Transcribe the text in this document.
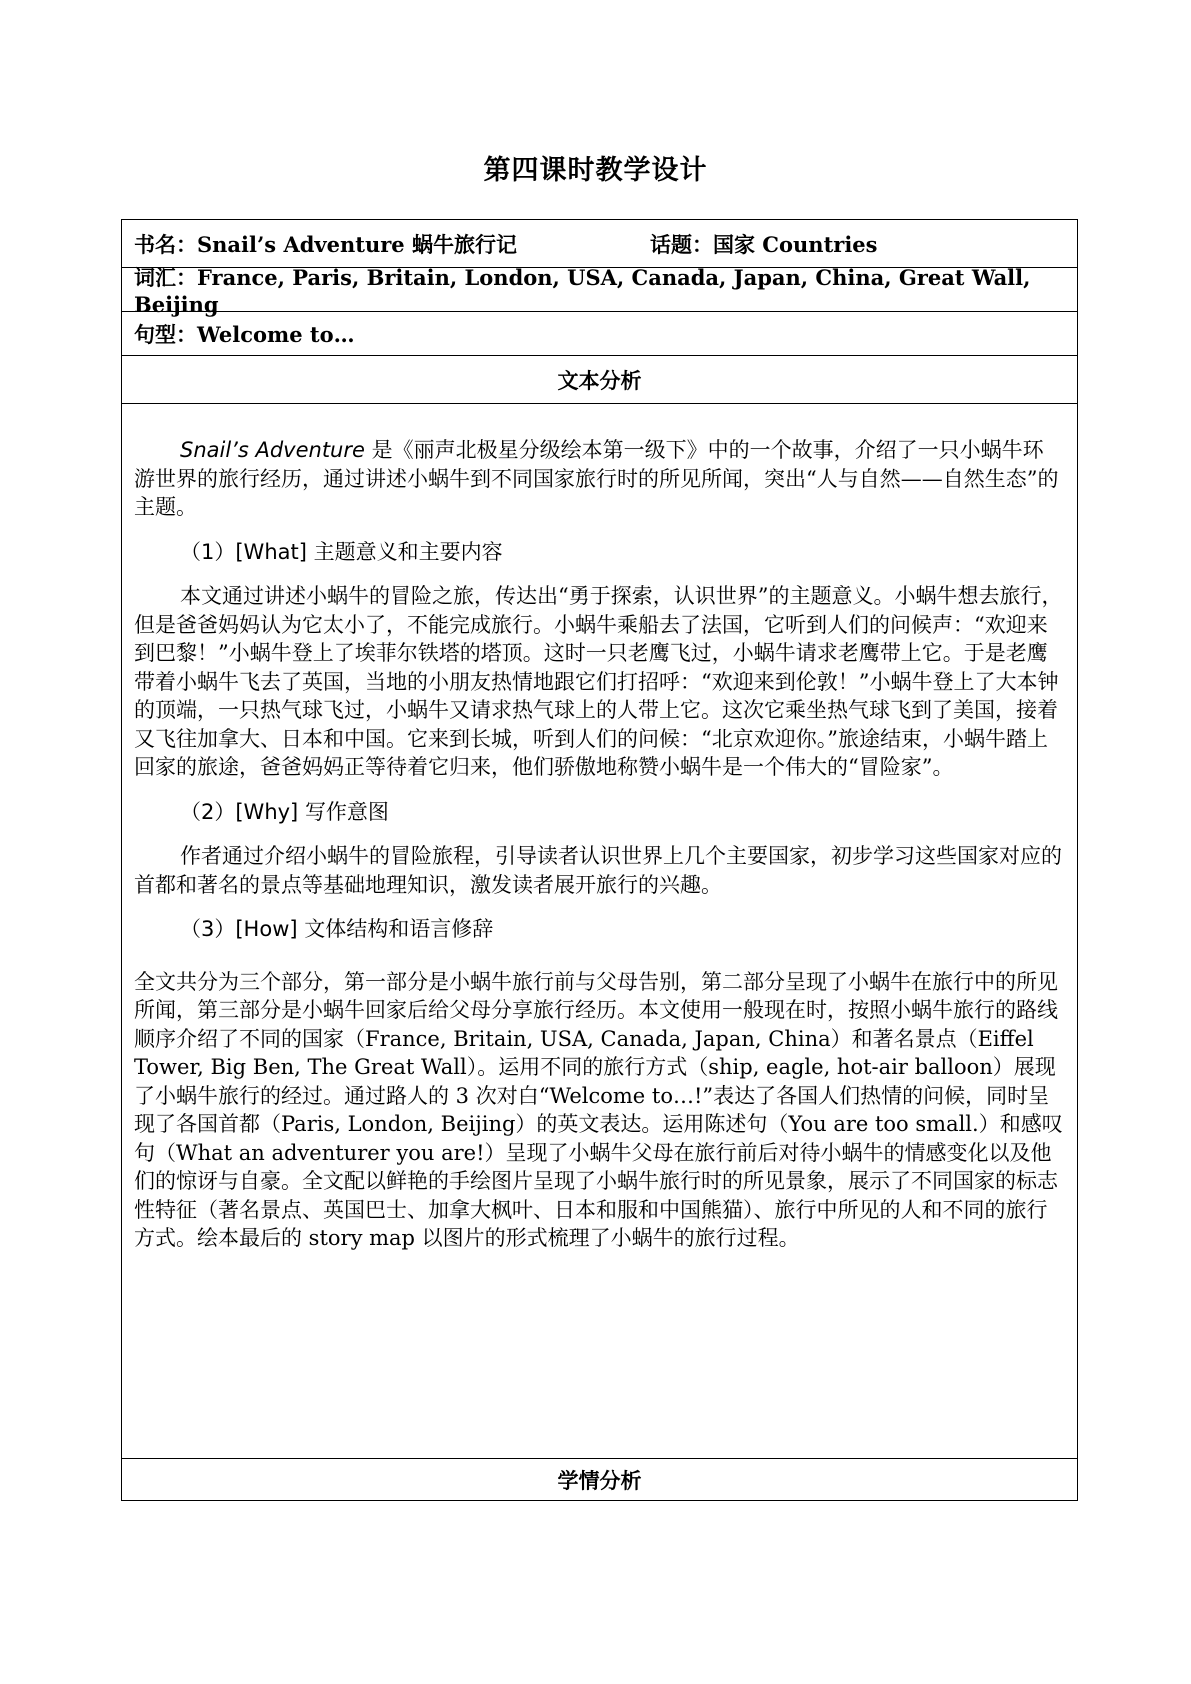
第四课时教学设计
书名：Snail’s Adventure 蜗牛旅行记	话题：国家 Countries
词汇：France, Paris, Britain, London, USA, Canada, Japan, China, Great Wall, Beijing
句型：Welcome to…
文本分析

Snail’s Adventure 是《丽声北极星分级绘本第一级下》中的一个故事，介绍了一只小蜗牛环游世界的旅行经历，通过讲述小蜗牛到不同国家旅行时的所见所闻，突出“人与自然——自然生态”的主题。

（1）[What] 主题意义和主要内容

本文通过讲述小蜗牛的冒险之旅，传达出“勇于探索，认识世界”的主题意义。小蜗牛想去旅行，但是爸爸妈妈认为它太小了，不能完成旅行。小蜗牛乘船去了法国，它听到人们的问候声：“欢迎来到巴黎！”小蜗牛登上了埃菲尔铁塔的塔顶。这时一只老鹰飞过，小蜗牛请求老鹰带上它。于是老鹰带着小蜗牛飞去了英国，当地的小朋友热情地跟它们打招呼：“欢迎来到伦敦！”小蜗牛登上了大本钟的顶端，一只热气球飞过，小蜗牛又请求热气球上的人带上它。这次它乘坐热气球飞到了美国，接着又飞往加拿大、日本和中国。它来到长城，听到人们的问候：“北京欢迎你。”旅途结束，小蜗牛踏上回家的旅途，爸爸妈妈正等待着它归来，他们骄傲地称赞小蜗牛是一个伟大的“冒险家”。

（2）[Why] 写作意图

作者通过介绍小蜗牛的冒险旅程，引导读者认识世界上几个主要国家，初步学习这些国家对应的首都和著名的景点等基础地理知识，激发读者展开旅行的兴趣。

（3）[How] 文体结构和语言修辞

全文共分为三个部分，第一部分是小蜗牛旅行前与父母告别，第二部分呈现了小蜗牛在旅行中的所见所闻，第三部分是小蜗牛回家后给父母分享旅行经历。本文使用一般现在时，按照小蜗牛旅行的路线顺序介绍了不同的国家（France, Britain, USA, Canada, Japan, China）和著名景点（Eiffel Tower, Big Ben, The Great Wall）。运用不同的旅行方式（ship, eagle, hot-air balloon）展现了小蜗牛旅行的经过。通过路人的 3 次对白“Welcome to…!”表达了各国人们热情的问候，同时呈现了各国首都（Paris, London, Beijing）的英文表达。运用陈述句（You are too small.）和感叹句（What an adventurer you are!）呈现了小蜗牛父母在旅行前后对待小蜗牛的情感变化以及他们的惊讶与自豪。全文配以鲜艳的手绘图片呈现了小蜗牛旅行时的所见景象，展示了不同国家的标志性特征（著名景点、英国巴士、加拿大枫叶、日本和服和中国熊猫）、旅行中所见的人和不同的旅行方式。绘本最后的 story map 以图片的形式梳理了小蜗牛的旅行过程。

学情分析
